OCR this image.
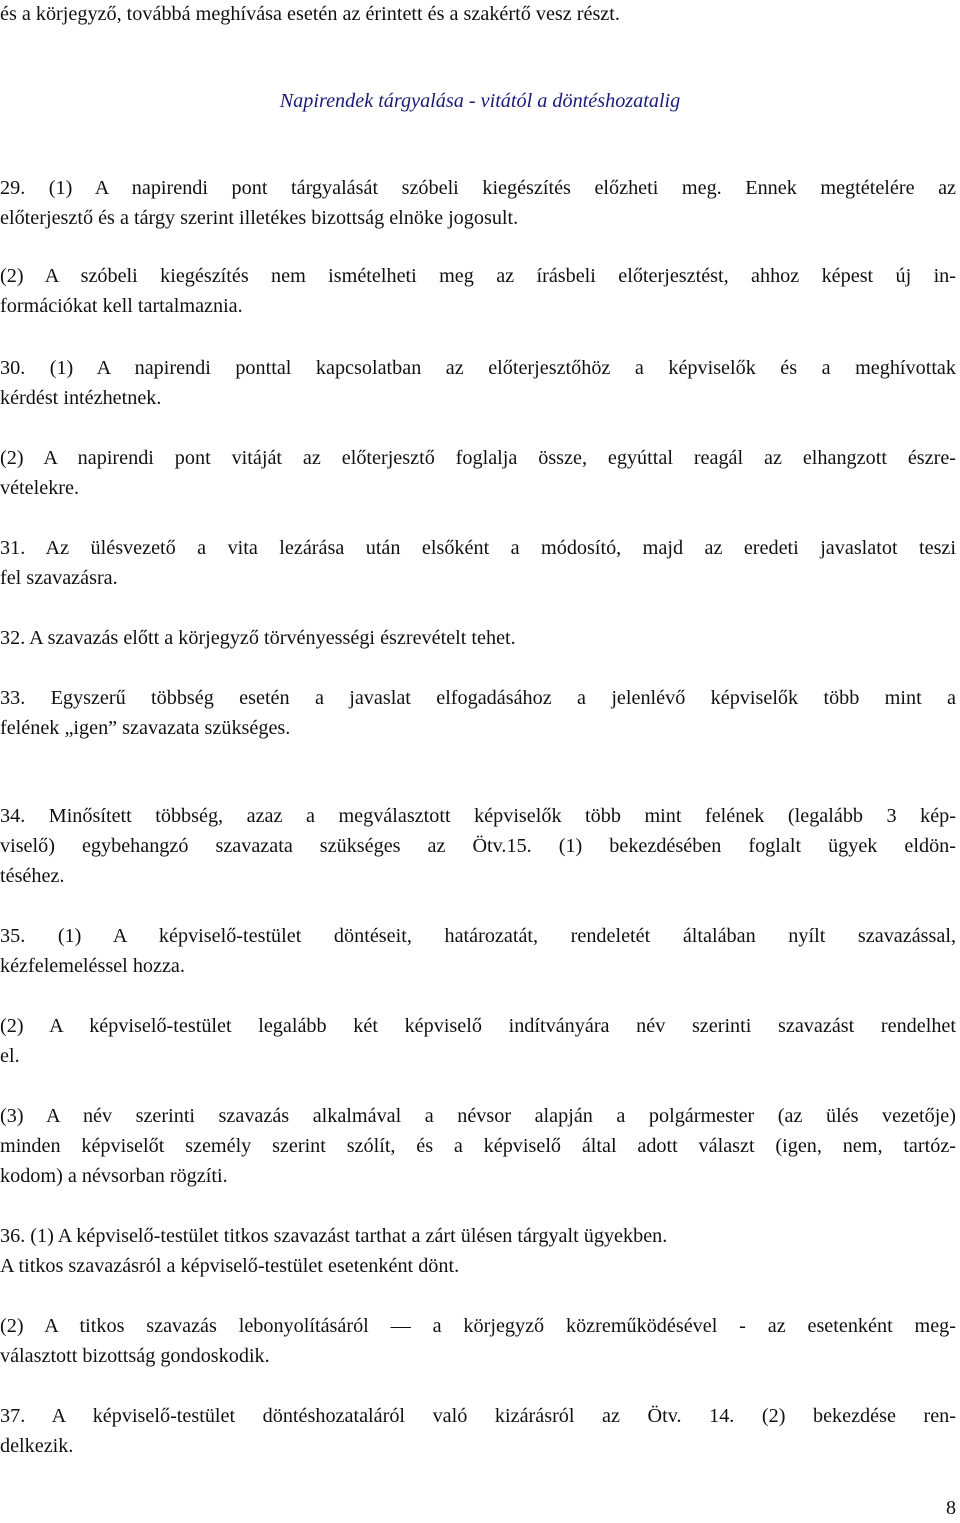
és a körjegyző, továbbá meghívása esetén az érintett és a szakértő vesz részt.
Napirendek tárgyalása - vitától a döntéshozatalig
29. (1) A napirendi pont tárgyalását szóbeli kiegészítés előzheti meg. Ennek megtételére az
előterjesztő és a tárgy szerint illetékes bizottság elnöke jogosult.
(2) A szóbeli kiegészítés nem ismételheti meg az írásbeli előterjesztést, ahhoz képest új in-
formációkat kell tartalmaznia.
30. (1) A napirendi ponttal kapcsolatban az előterjesztőhöz a képviselők és a meghívottak
kérdést intézhetnek.
(2) A napirendi pont vitáját az előterjesztő foglalja össze, egyúttal reagál az elhangzott észre-
vételekre.
31. Az ülésvezető a vita lezárása után elsőként a módosító, majd az eredeti javaslatot teszi
fel szavazásra.
32. A szavazás előtt a körjegyző törvényességi észrevételt tehet.
33. Egyszerű többség esetén a javaslat elfogadásához a jelenlévő képviselők több mint a
felének „igen” szavazata szükséges.
34. Minősített többség, azaz a megválasztott képviselők több mint felének (legalább 3 kép-
viselő) egybehangzó szavazata szükséges az Ötv.15. (1) bekezdésében foglalt ügyek eldön-
téséhez.
35. (1) A képviselő-testület döntéseit, határozatát, rendeletét általában nyílt szavazással,
kézfelemeléssel hozza.
(2) A képviselő-testület legalább két képviselő indítványára név szerinti szavazást rendelhet
el.
(3) A név szerinti szavazás alkalmával a névsor alapján a polgármester (az ülés vezetője)
minden képviselőt személy szerint szólít, és a képviselő által adott választ (igen, nem, tartóz-
kodom) a névsorban rögzíti.
36. (1) A képviselő-testület titkos szavazást tarthat a zárt ülésen tárgyalt ügyekben.
A titkos szavazásról a képviselő-testület esetenként dönt.
(2) A titkos szavazás lebonyolításáról — a körjegyző közreműködésével - az esetenként meg-
választott bizottság gondoskodik.
37. A képviselő-testület döntéshozataláról való kizárásról az Ötv. 14. (2) bekezdése ren-
delkezik.
8
